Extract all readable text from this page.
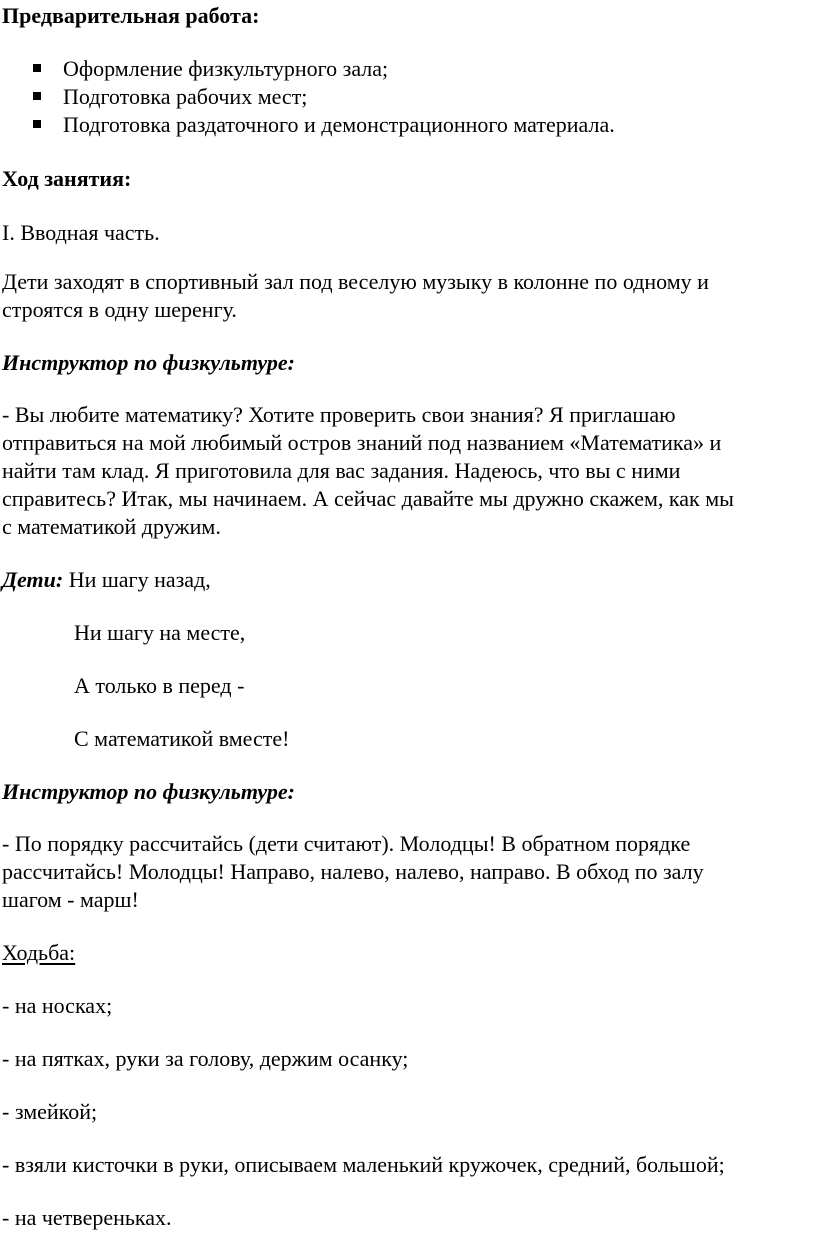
Предварительная работа:

Оформление физкультурного зала;

Подготовка рабочих мест;

Подготовка раздаточного и демонстрационного материала.

Ход занятия:

I. Вводная часть.

Дети заходят в спортивный зал под веселую музыку в колонне по одному и

строятся в одну шеренгу.

Инструктор по физкультуре:

- Вы любите математику? Хотите проверить свои знания? Я приглашаю

отправиться на мой любимый остров знаний под названием «Математика» и

найти там клад. Я приготовила для вас задания. Надеюсь, что вы с ними

справитесь? Итак, мы начинаем. А сейчас давайте мы дружно скажем, как мы

с математикой дружим.

Дети: Ни шагу назад,

Ни шагу на месте,

А только в перед -

С математикой вместе!

Инструктор по физкультуре:

- По порядку рассчитайсь (дети считают). Молодцы! В обратном порядке

рассчитайсь! Молодцы! Направо, налево, налево, направо. В обход по залу

шагом - марш!

Ходьба:

- на носках;

- на пятках, руки за голову, держим осанку;

- змейкой;

- взяли кисточки в руки, описываем маленький кружочек, средний, большой;

- на четвереньках.
